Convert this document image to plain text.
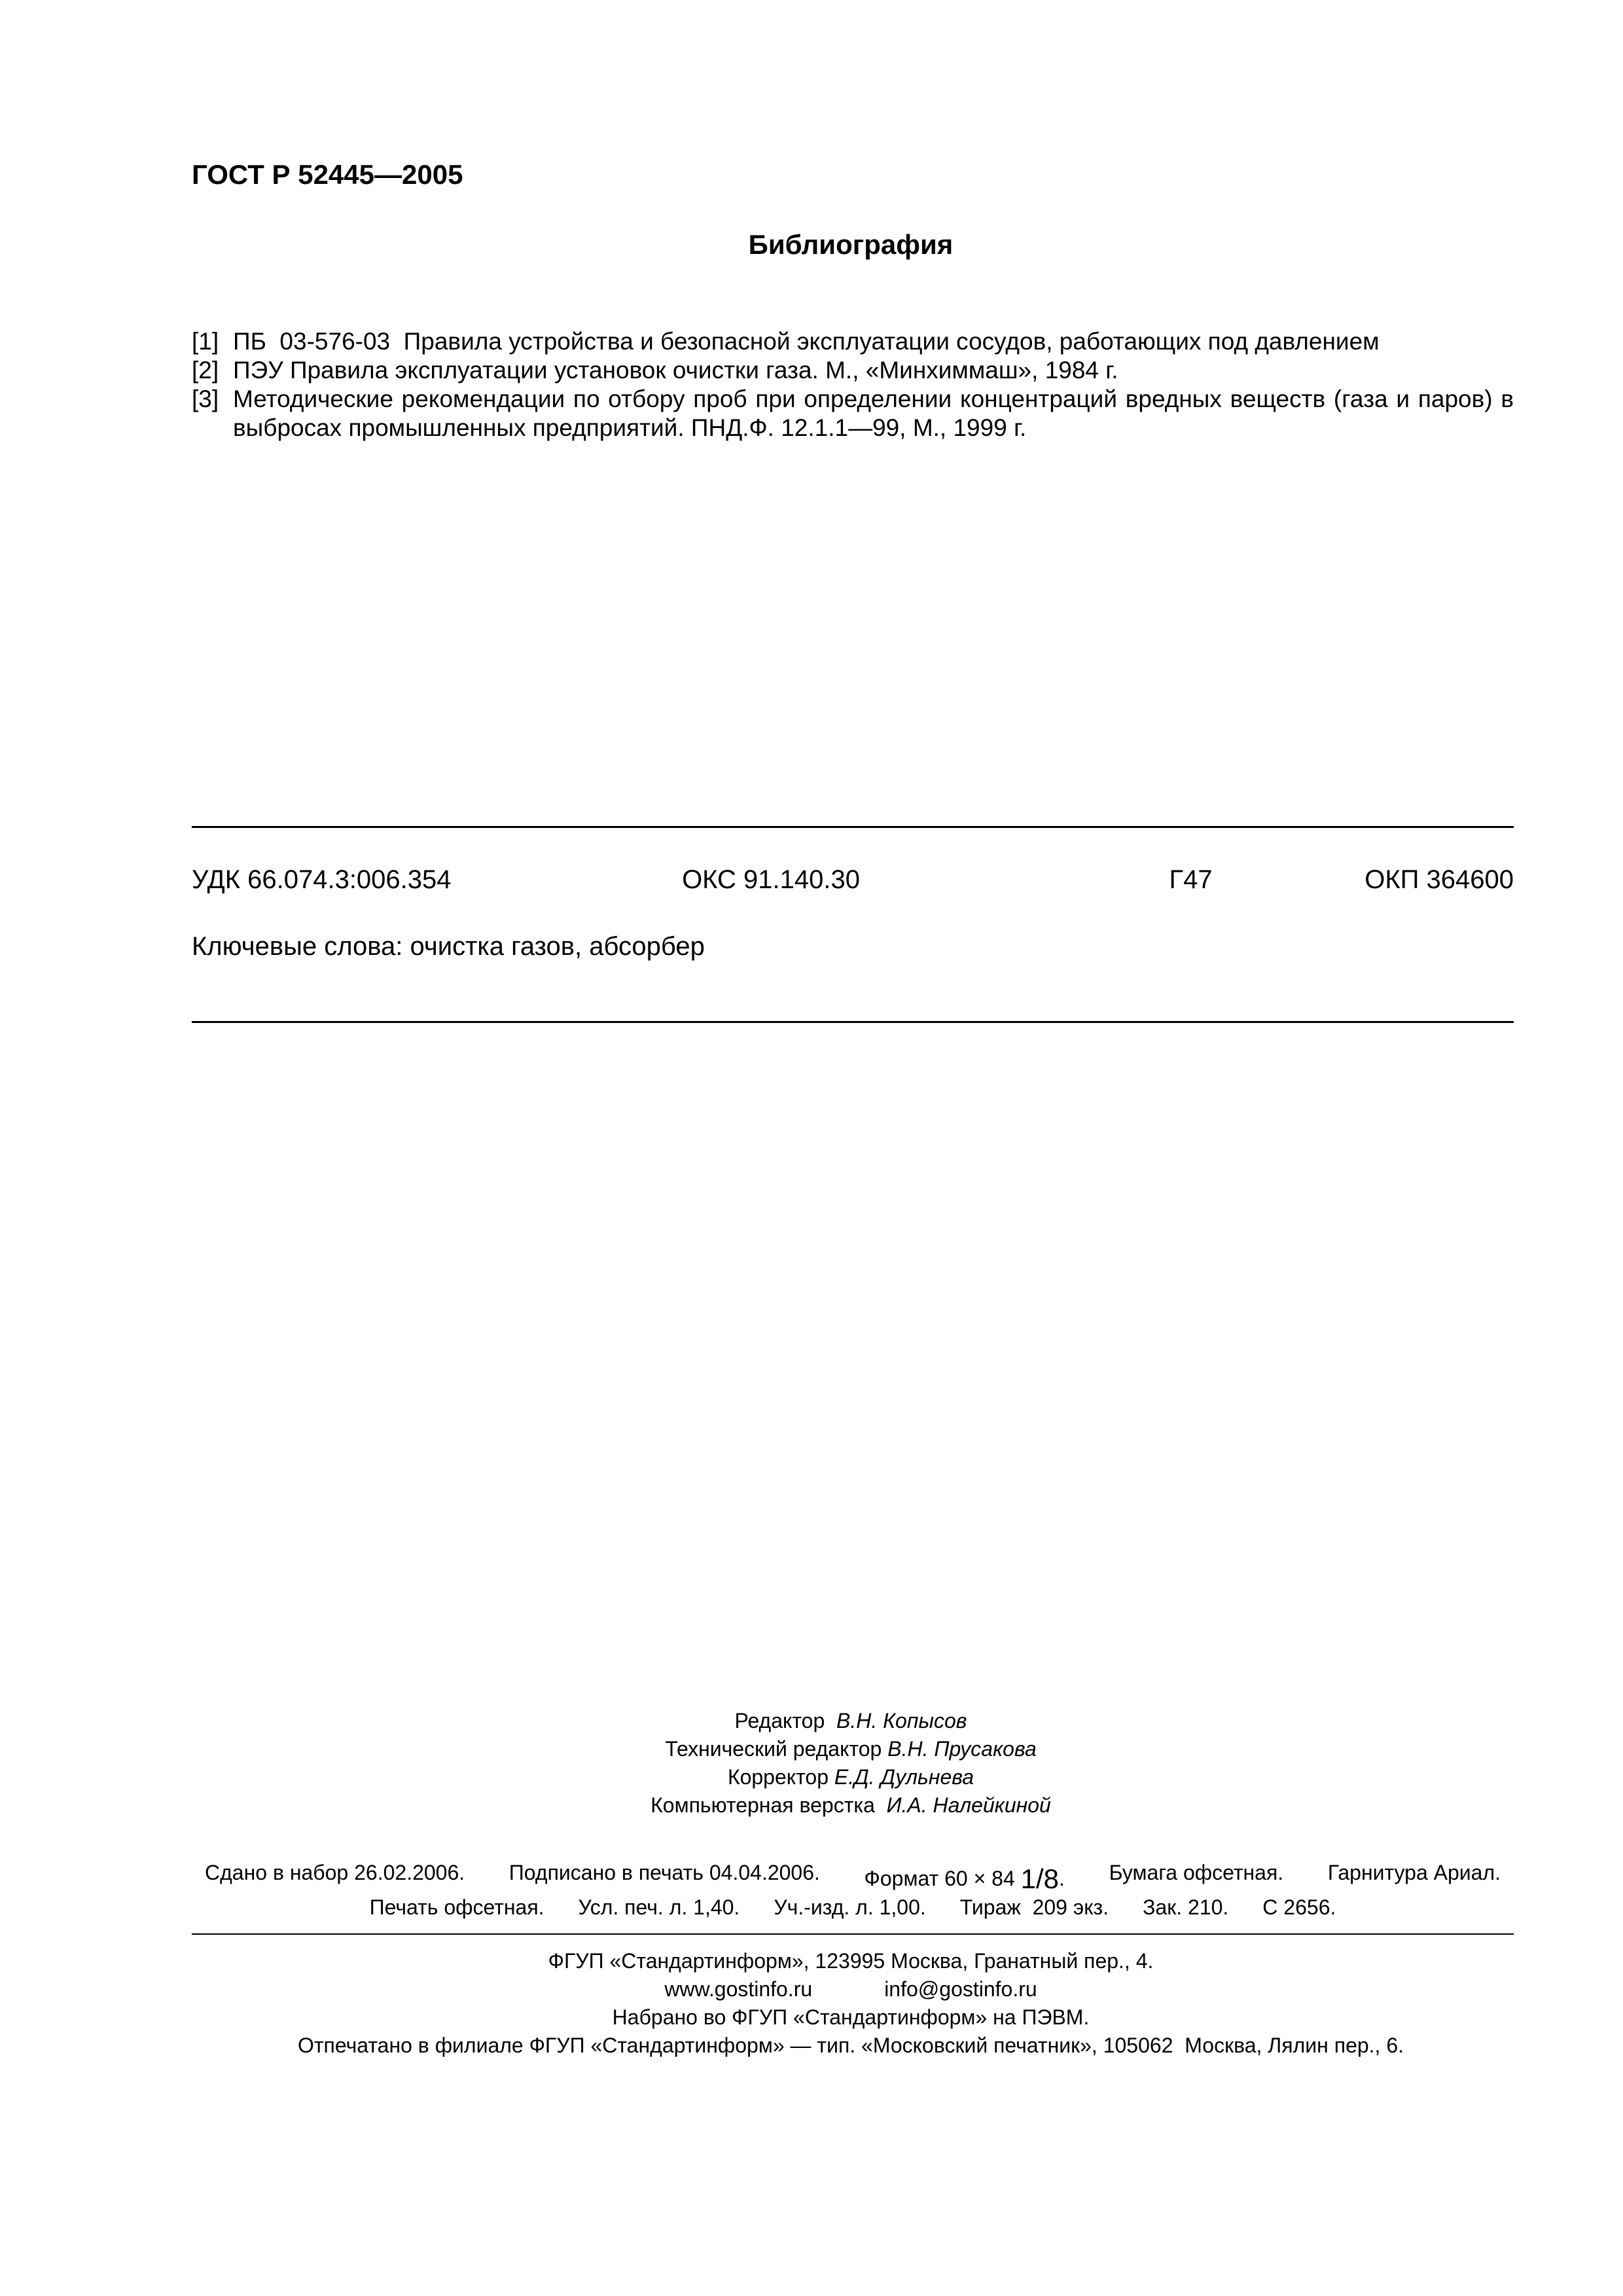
ГОСТ Р 52445—2005
Библиография
[1] ПБ  03-576-03  Правила устройства и безопасной эксплуатации сосудов, работающих под давлением
[2] ПЭУ Правила эксплуатации установок очистки газа. М., «Минхиммаш», 1984 г.
[3] Методические рекомендации по отбору проб при определении концентраций вредных веществ (газа и паров) в выбросах промышленных предприятий. ПНД.Ф. 12.1.1—99, М., 1999 г.
УДК 66.074.3:006.354	ОКС 91.140.30	Г47	ОКП 364600
Ключевые слова: очистка газов, абсорбер
Редактор В.Н. Копысов
Технический редактор В.Н. Прусакова
Корректор Е.Д. Дульнева
Компьютерная верстка И.А. Налейкиной
Сдано в набор 26.02.2006. Подписано в печать 04.04.2006. Формат 60 × 84 1/8. Бумага офсетная. Гарнитура Ариал.
Печать офсетная. Усл. печ. л. 1,40. Уч.-изд. л. 1,00. Тираж  209 экз. Зак. 210. С 2656.
ФГУП «Стандартинформ», 123995 Москва, Гранатный пер., 4.
www.gostinfo.ru	info@gostinfo.ru
Набрано во ФГУП «Стандартинформ» на ПЭВМ.
Отпечатано в филиале ФГУП «Стандартинформ» — тип. «Московский печатник», 105062  Москва, Лялин пер., 6.
